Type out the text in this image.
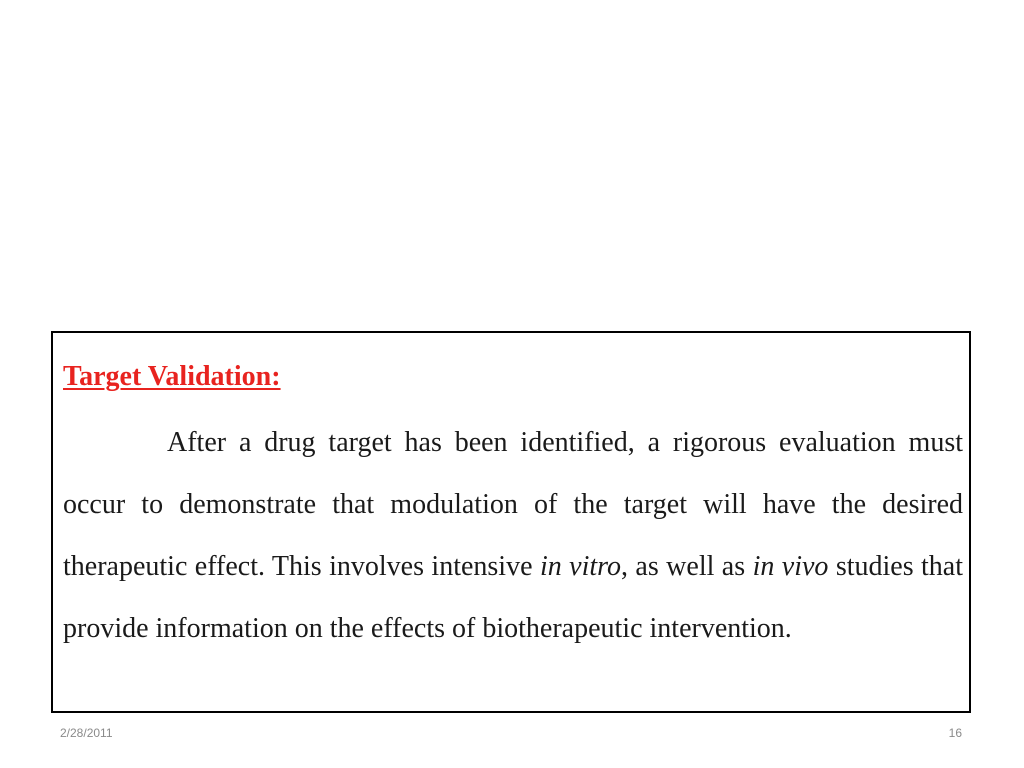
Target Validation:

After a drug target has been identified, a rigorous evaluation must occur to demonstrate that modulation of the target will have the desired therapeutic effect. This involves intensive in vitro, as well as in vivo studies that provide information on the effects of biotherapeutic intervention.

2/28/2011	16
